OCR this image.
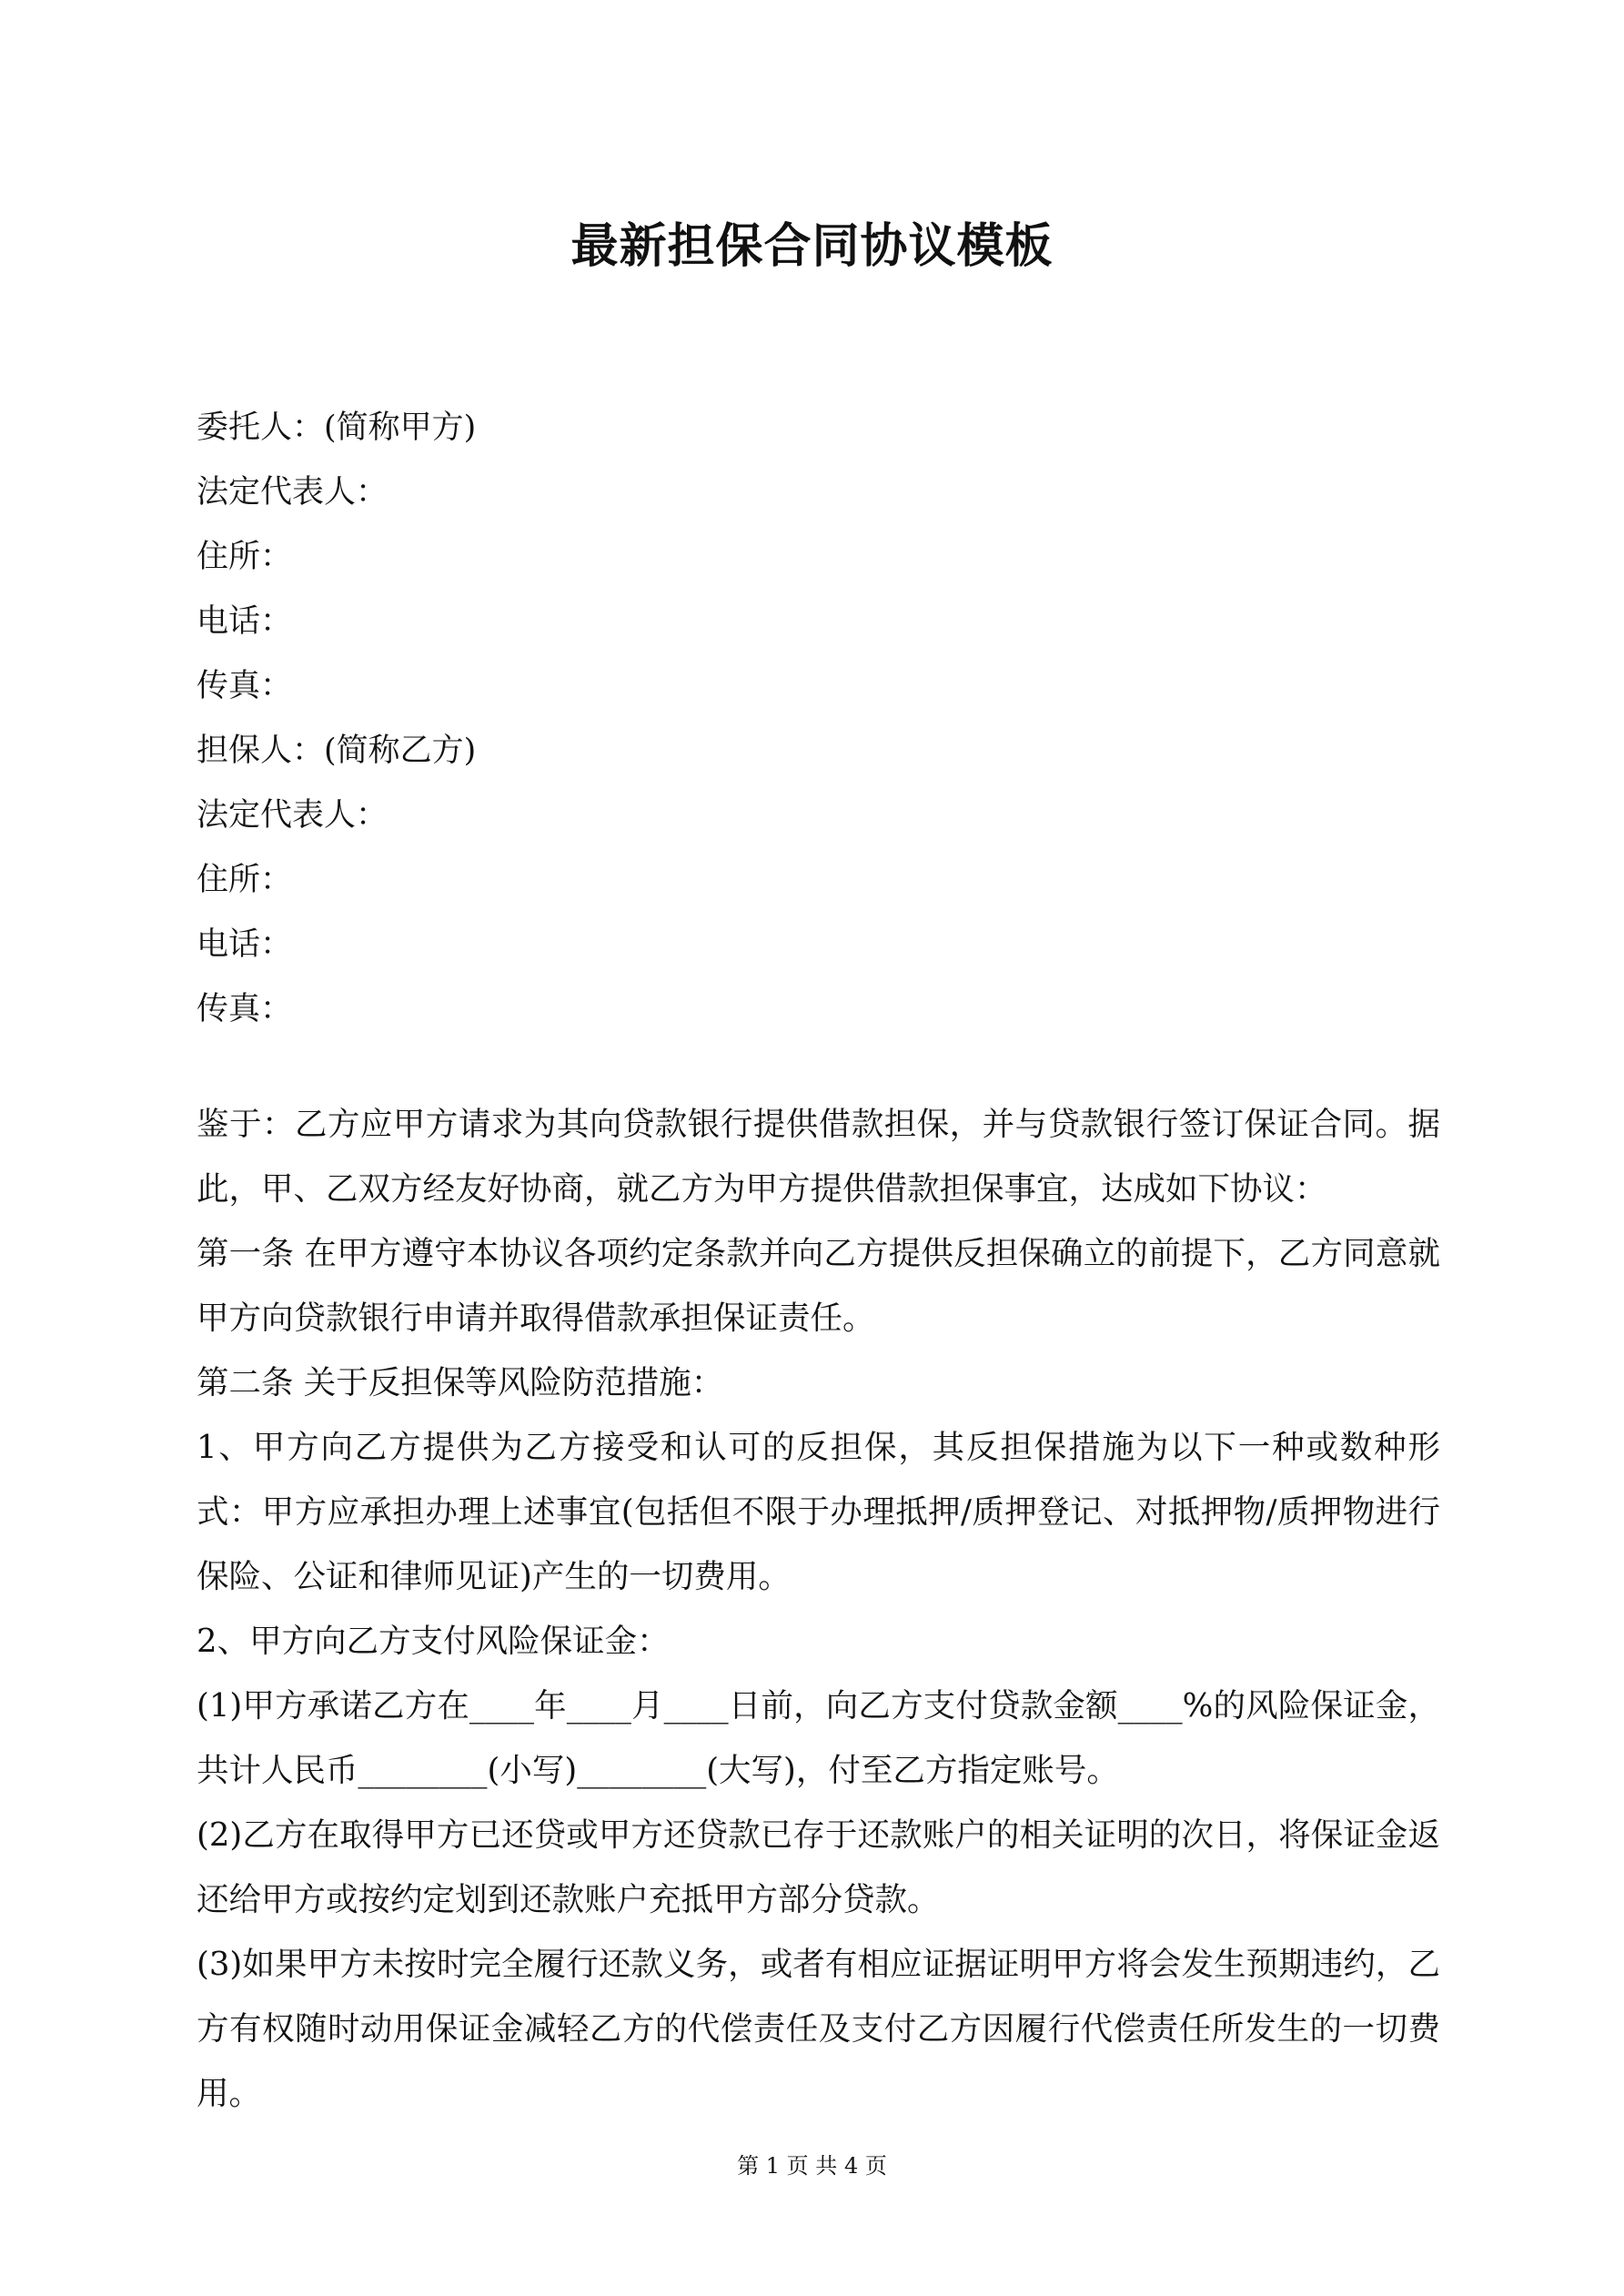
最新担保合同协议模板
委托人：(简称甲方)
法定代表人：
住所：
电话：
传真：
担保人：(简称乙方)
法定代表人：
住所：
电话：
传真：

鉴于：乙方应甲方请求为其向贷款银行提供借款担保，并与贷款银行签订保证合同。据此，甲、乙双方经友好协商，就乙方为甲方提供借款担保事宜，达成如下协议：

第一条 在甲方遵守本协议各项约定条款并向乙方提供反担保确立的前提下，乙方同意就甲方向贷款银行申请并取得借款承担保证责任。

第二条 关于反担保等风险防范措施：

1、甲方向乙方提供为乙方接受和认可的反担保，其反担保措施为以下一种或数种形式：甲方应承担办理上述事宜(包括但不限于办理抵押/质押登记、对抵押物/质押物进行保险、公证和律师见证)产生的一切费用。

2、甲方向乙方支付风险保证金：

(1)甲方承诺乙方在____年____月____日前，向乙方支付贷款金额____%的风险保证金，共计人民币________(小写)________(大写)，付至乙方指定账号。

(2)乙方在取得甲方已还贷或甲方还贷款已存于还款账户的相关证明的次日，将保证金返还给甲方或按约定划到还款账户充抵甲方部分贷款。

(3)如果甲方未按时完全履行还款义务，或者有相应证据证明甲方将会发生预期违约，乙方有权随时动用保证金减轻乙方的代偿责任及支付乙方因履行代偿责任所发生的一切费用。

第 1 页 共 4 页
